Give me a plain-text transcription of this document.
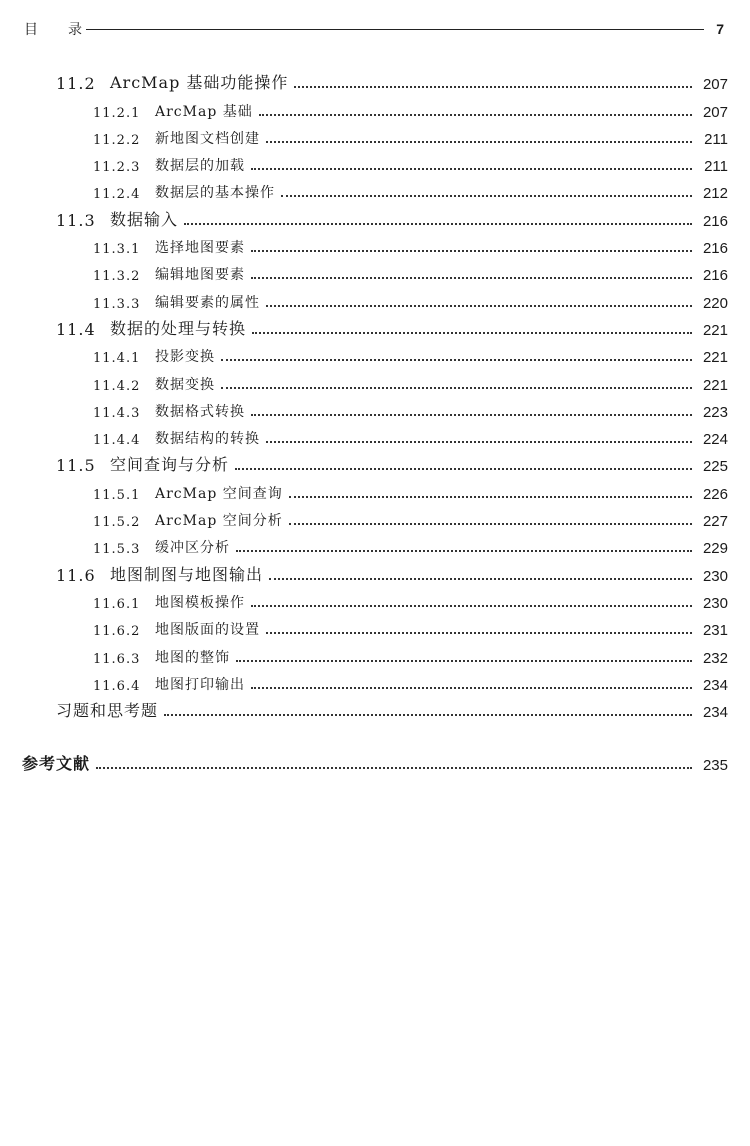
目 录	7
11.2 ArcMap 基础功能操作	207
11.2.1	ArcMap 基础	207
11.2.2	新地图文档创建	211
11.2.3	数据层的加载	211
11.2.4	数据层的基本操作	212
11.3 数据输入	216
11.3.1	选择地图要素	216
11.3.2	编辑地图要素	216
11.3.3	编辑要素的属性	220
11.4 数据的处理与转换	221
11.4.1	投影变换	221
11.4.2	数据变换	221
11.4.3	数据格式转换	223
11.4.4	数据结构的转换	224
11.5 空间查询与分析	225
11.5.1	ArcMap 空间查询	226
11.5.2	ArcMap 空间分析	227
11.5.3	缓冲区分析	229
11.6 地图制图与地图输出	230
11.6.1	地图模板操作	230
11.6.2	地图版面的设置	231
11.6.3	地图的整饰	232
11.6.4	地图打印输出	234
习题和思考题	234
参考文献	235
